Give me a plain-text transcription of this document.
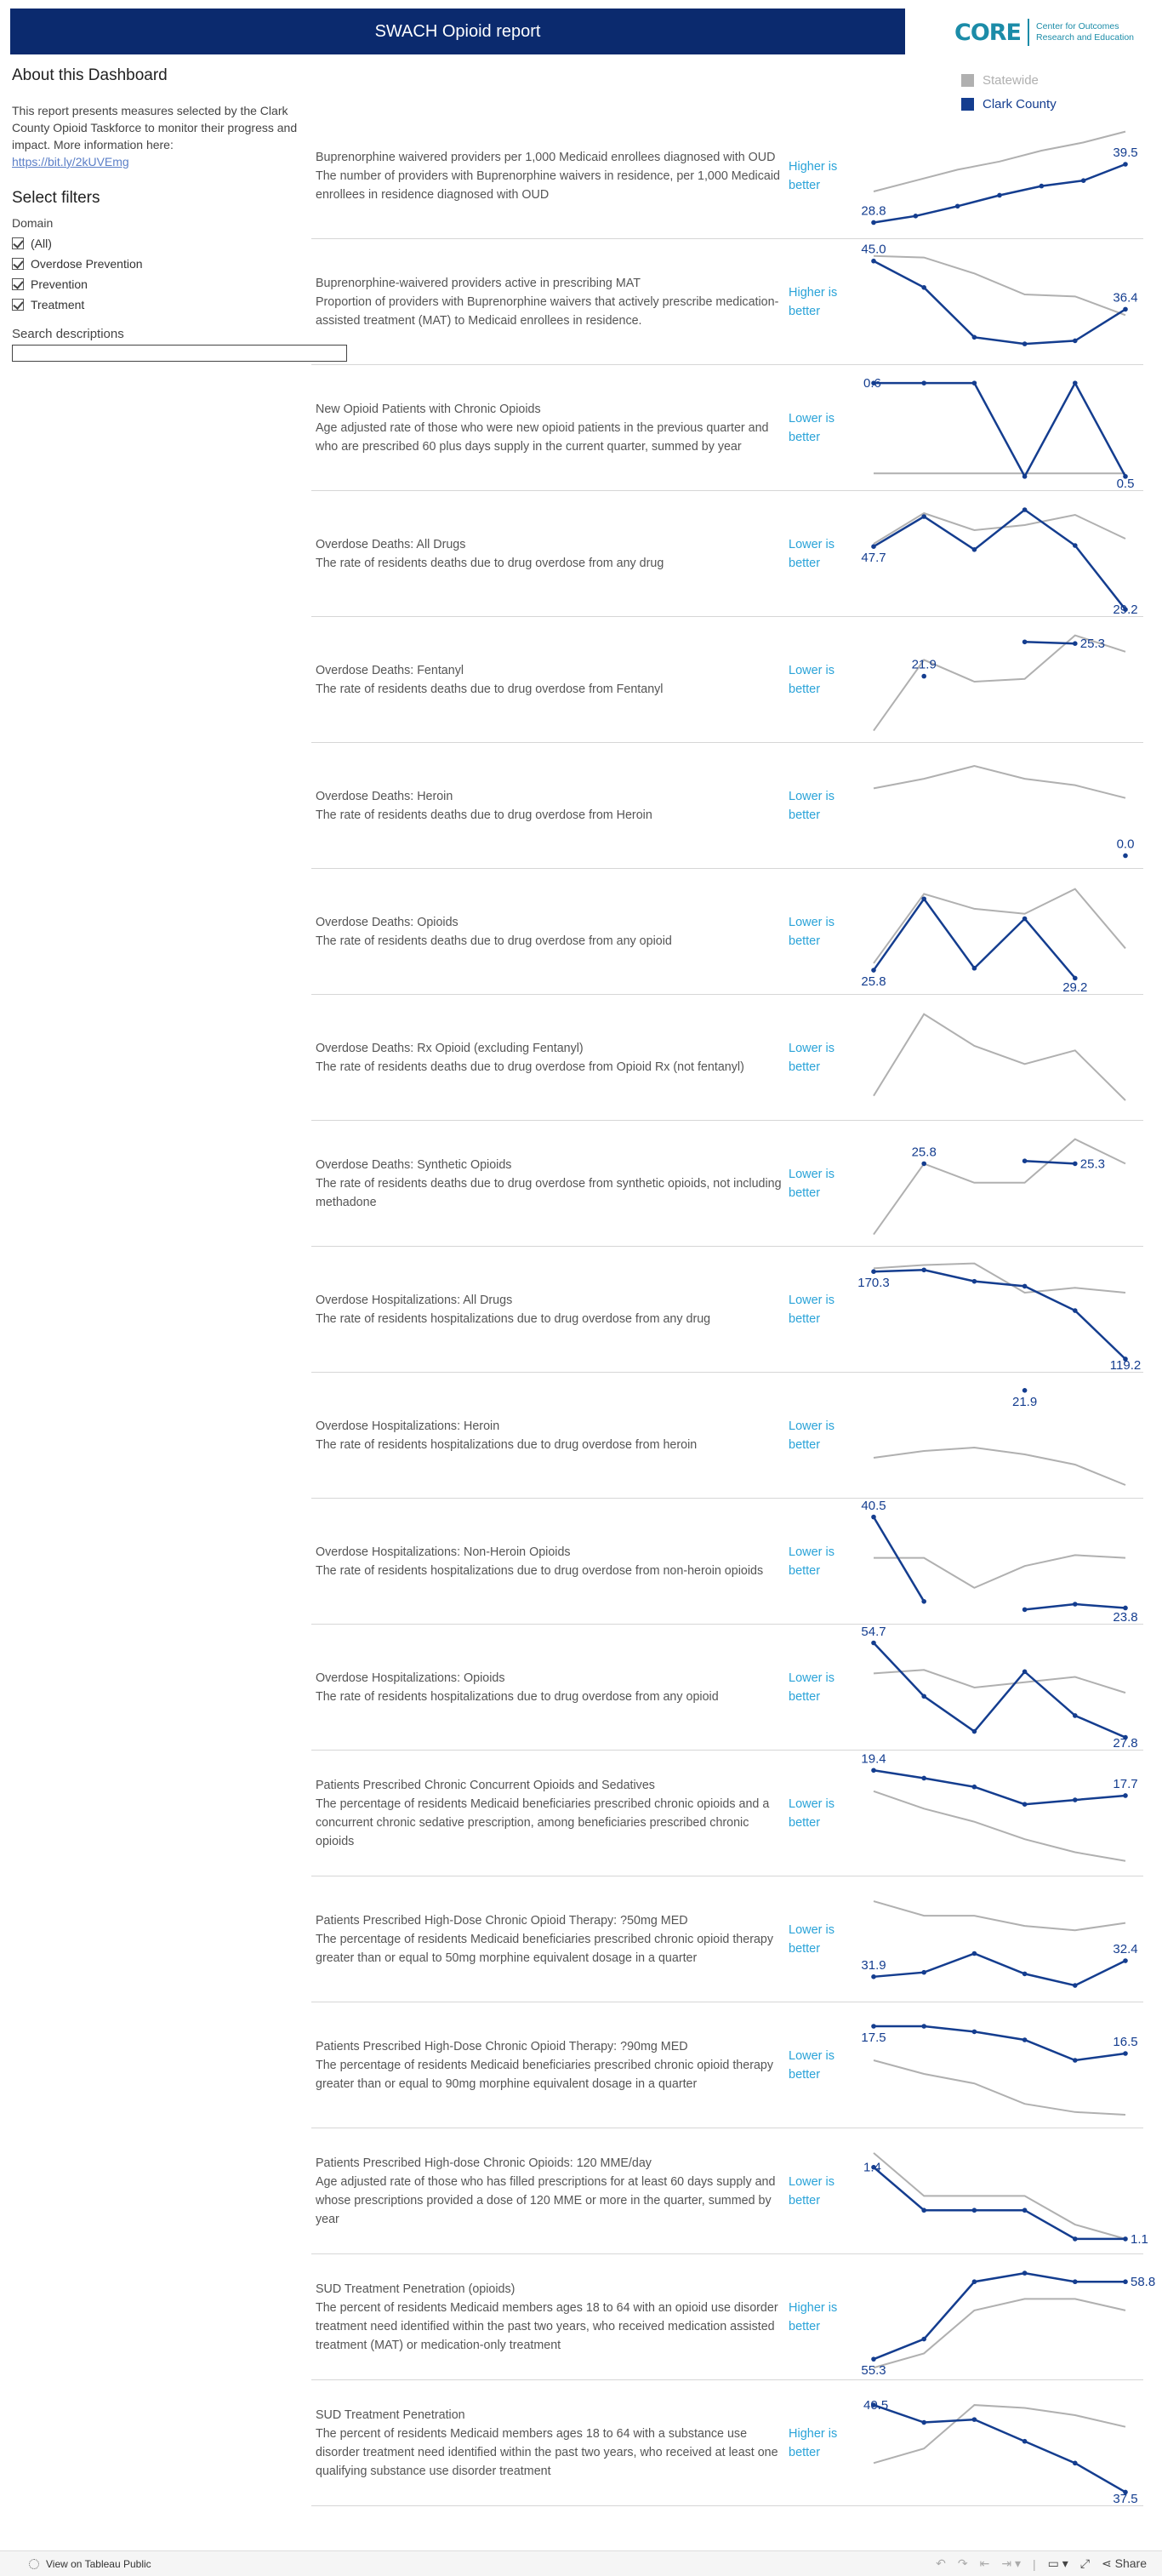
SWACH Opioid report	CORE Center for Outcomes
Research and Education
Statewide
Clark County
About this Dashboard
This report presents measures selected by the Clark County Opioid Taskforce to monitor their progress and impact. More information here:
https://bit.ly/2kUVEmg
Select filters
Domain
(All)
Overdose Prevention
Prevention
Treatment
Search descriptions
Buprenorphine waivered providers per 1,000 Medicaid enrollees diagnosed with OUD
The number of providers with Buprenorphine waivers in residence, per 1,000 Medicaid enrollees in residence diagnosed with OUD
Higher is better
28.8
39.5
Buprenorphine-waivered providers active in prescribing MAT
Proportion of providers with Buprenorphine waivers that actively prescribe medication-assisted treatment (MAT) to Medicaid enrollees in residence.
Higher is better
45.0
36.4
New Opioid Patients with Chronic Opioids
Age adjusted rate of those who were new opioid patients in the previous quarter and who are prescribed 60 plus days supply in the current quarter, summed by year
Lower is better
0.6
0.5
Overdose Deaths: All Drugs
The rate of residents deaths due to drug overdose from any drug
Lower is better	47.7
29.2
Overdose Deaths: Fentanyl
The rate of residents deaths due to drug overdose from Fentanyl
Lower is better
21.9
25.3
Overdose Deaths: Heroin
The rate of residents deaths due to drug overdose from Heroin
Lower is better
0.0
Overdose Deaths: Opioids
The rate of residents deaths due to drug overdose from any opioid
Lower is better
25.8	29.2
Overdose Deaths: Rx Opioid (excluding Fentanyl)
The rate of residents deaths due to drug overdose from Opioid Rx (not fentanyl)
Lower is better
Overdose Deaths: Synthetic Opioids
The rate of residents deaths due to drug overdose from synthetic opioids, not including methadone
Lower is better
25.8
25.3
Overdose Hospitalizations: All Drugs
The rate of residents hospitalizations due to drug overdose from any drug
Lower is better
170.3
119.2
Overdose Hospitalizations: Heroin
The rate of residents hospitalizations due to drug overdose from heroin
Lower is better
21.9
Overdose Hospitalizations: Non-Heroin Opioids
The rate of residents hospitalizations due to drug overdose from non-heroin opioids
Lower is better
40.5
23.8
Overdose Hospitalizations: Opioids
The rate of residents hospitalizations due to drug overdose from any opioid
Lower is better
54.7
27.8
Patients Prescribed Chronic Concurrent Opioids and Sedatives
The percentage of residents Medicaid beneficiaries prescribed chronic opioids and a concurrent chronic sedative prescription, among beneficiaries prescribed chronic opioids
Lower is better
19.4
17.7
Patients Prescribed High-Dose Chronic Opioid Therapy: ?50mg MED
The percentage of residents Medicaid beneficiaries prescribed chronic opioid therapy greater than or equal to 50mg morphine equivalent dosage in a quarter
Lower is better
31.9
32.4
Patients Prescribed High-Dose Chronic Opioid Therapy: ?90mg MED
The percentage of residents Medicaid beneficiaries prescribed chronic opioid therapy greater than or equal to 90mg morphine equivalent dosage in a quarter
Lower is better
17.5	16.5
Patients Prescribed High-dose Chronic Opioids: 120 MME/day
Age adjusted rate of those who has filled prescriptions for at least 60 days supply and whose prescriptions provided a dose of 120 MME or more in the quarter, summed by year
Lower is better
1.4
1.1
SUD Treatment Penetration (opioids)
The percent of residents Medicaid members ages 18 to 64 with an opioid use disorder treatment need identified within the past two years, who received medication assisted treatment (MAT) or medication-only treatment
Higher is better
55.3
58.8
SUD Treatment Penetration
The percent of residents Medicaid members ages 18 to 64 with a substance use disorder treatment need identified within the past two years, who received at least one qualifying substance use disorder treatment
Higher is better
40.5
37.5
View on Tableau Public	↶ ↷ ⇤ ⇥ ▾ | ▭ ▾ ⤢ ⋖ Share
